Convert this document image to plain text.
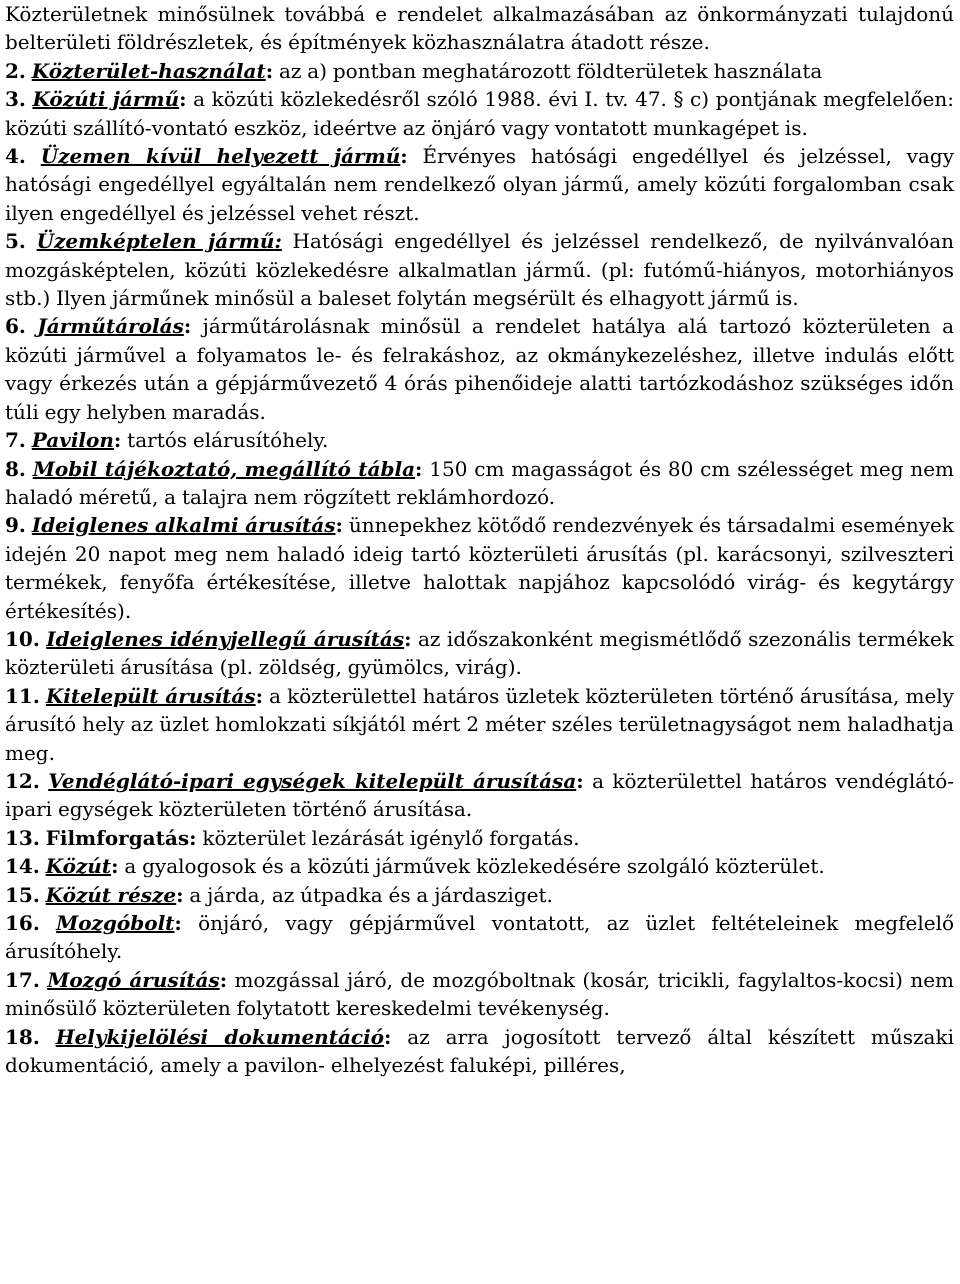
Közterületnek minősülnek továbbá e rendelet alkalmazásában az önkormányzati tulajdonú belterületi földrészletek, és építmények közhasználatra átadott része.

2. Közterület-használat: az a) pontban meghatározott földterületek használata

3. Közúti jármű: a közúti közlekedésről szóló 1988. évi I. tv. 47. § c) pontjának megfelelően: közúti szállító-vontató eszköz, ideértve az önjáró vagy vontatott munkagépet is.

4. Üzemen kívül helyezett jármű: Érvényes hatósági engedéllyel és jelzéssel, vagy hatósági engedéllyel egyáltalán nem rendelkező olyan jármű, amely közúti forgalomban csak ilyen engedéllyel és jelzéssel vehet részt.

5. Üzemképtelen jármű: Hatósági engedéllyel és jelzéssel rendelkező, de nyilvánvalóan mozgásképtelen, közúti közlekedésre alkalmatlan jármű. (pl: futómű-hiányos, motorhiányos stb.) Ilyen járműnek minősül a baleset folytán megsérült és elhagyott jármű is.

6. Járműtárolás: járműtárolásnak minősül a rendelet hatálya alá tartozó közterületen a közúti járművel a folyamatos le- és felrakáshoz, az okmánykezeléshez, illetve indulás előtt vagy érkezés után a gépjárművezető 4 órás pihenőideje alatti tartózkodáshoz szükséges időn túli egy helyben maradás.

7. Pavilon: tartós elárusítóhely.

8. Mobil tájékoztató, megállító tábla: 150 cm magasságot és 80 cm szélességet meg nem haladó méretű, a talajra nem rögzített reklámhordozó.

9. Ideiglenes alkalmi árusítás: ünnepekhez kötődő rendezvények és társadalmi események idején 20 napot meg nem haladó ideig tartó közterületi árusítás (pl. karácsonyi, szilveszteri termékek, fenyőfa értékesítése, illetve halottak napjához kapcsolódó virág- és kegytárgy értékesítés).

10. Ideiglenes idényjellegű árusítás: az időszakonként megismétlődő szezonális termékek közterületi árusítása (pl. zöldség, gyümölcs, virág).

11. Kitelepült árusítás: a közterülettel határos üzletek közterületen történő árusítása, mely árusító hely az üzlet homlokzati síkjától mért 2 méter széles területnagyságot nem haladhatja meg.

12. Vendéglátó-ipari egységek kitelepült árusítása: a közterülettel határos vendéglátó-ipari egységek közterületen történő árusítása.

13. Filmforgatás: közterület lezárását igénylő forgatás.

14. Közút: a gyalogosok és a közúti járművek közlekedésére szolgáló közterület.

15. Közút része: a járda, az útpadka és a járdasziget.

16. Mozgóbolt: önjáró, vagy gépjárművel vontatott, az üzlet feltételeinek megfelelő árusítóhely.

17. Mozgó árusítás: mozgással járó, de mozgóboltnak (kosár, tricikli, fagylaltos-kocsi) nem minősülő közterületen folytatott kereskedelmi tevékenység.

18. Helykijelölési dokumentáció: az arra jogosított tervező által készített műszaki dokumentáció, amely a pavilon- elhelyezést faluképi, pilléres,
